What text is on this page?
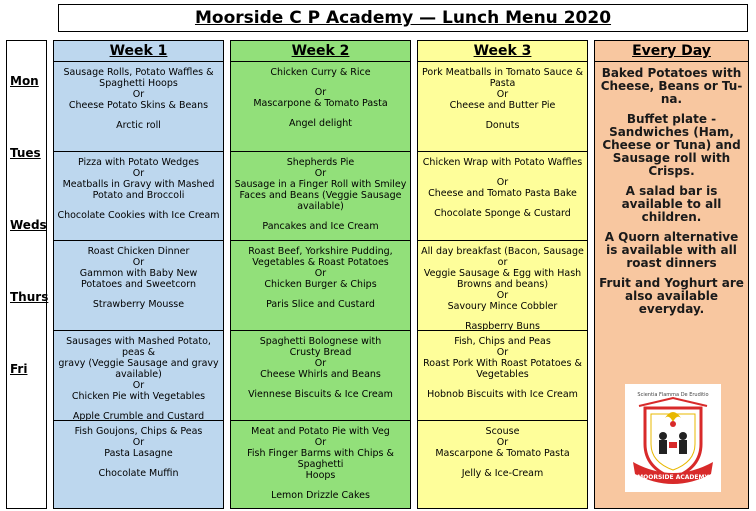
Moorside C P Academy — Lunch Menu 2020
Mon
Tues
Weds
Thurs
Fri
Week 1
Sausage Rolls, Potato Waffles &
Spaghetti Hoops
Or
Cheese Potato Skins & Beans
Arctic roll
Pizza with Potato Wedges
Or
Meatballs in Gravy with Mashed
Potato and Broccoli
Chocolate Cookies with Ice Cream
Roast Chicken Dinner
Or
Gammon with Baby New
Potatoes and Sweetcorn
Strawberry Mousse
Sausages with Mashed Potato, peas &
gravy (Veggie Sausage and gravy available)
Or
Chicken Pie with Vegetables
Apple Crumble and Custard
Fish Goujons, Chips & Peas
Or
Pasta Lasagne
Chocolate Muffin
Week 2
Chicken Curry & Rice
Or
Mascarpone & Tomato Pasta
Angel delight
Shepherds Pie
Or
Sausage in a Finger Roll with Smiley
Faces and Beans (Veggie Sausage available)
Pancakes and Ice Cream
Roast Beef, Yorkshire Pudding,
Vegetables & Roast Potatoes
Or
Chicken Burger & Chips
Paris Slice and Custard
Spaghetti Bolognese with
Crusty Bread
Or
Cheese Whirls and Beans
Viennese Biscuits & Ice Cream
Meat and Potato Pie with Veg
Or
Fish Finger Barms with Chips & Spaghetti
Hoops
Lemon Drizzle Cakes
Week 3
Pork Meatballs in Tomato Sauce &
Pasta
Or
Cheese and Butter Pie
Donuts
Chicken Wrap with Potato Waffles
Or
Cheese and Tomato Pasta Bake
Chocolate Sponge & Custard
All day breakfast (Bacon, Sausage or
Veggie Sausage & Egg with Hash Browns and beans)
Or
Savoury Mince Cobbler
Raspberry Buns
Fish, Chips and Peas
Or
Roast Pork With Roast Potatoes &
Vegetables
Hobnob Biscuits with Ice Cream
Scouse
Or
Mascarpone & Tomato Pasta
Jelly & Ice-Cream
Every Day

Baked Potatoes with Cheese, Beans or Tu-na.

Buffet plate - Sandwiches (Ham, Cheese or Tuna) and Sausage roll with Crisps.

A salad bar is available to all children.

A Quorn alternative is available with all roast dinners

Fruit and Yoghurt are also available everyday.

Scientia Flamma De Eruditio
MOORSIDE ACADEMY
